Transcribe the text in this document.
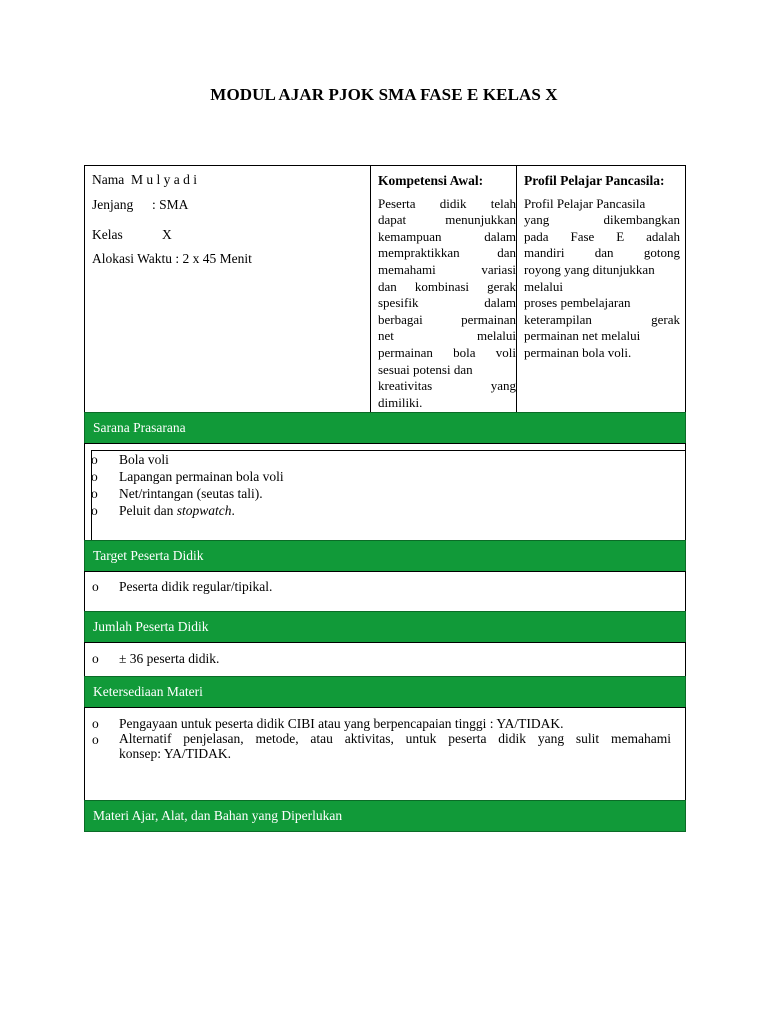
MODUL AJAR PJOK SMA FASE E KELAS X
Nama M u l y a d i
Jenjang : SMA
Kelas	X
Alokasi Waktu : 2 x 45 Menit
Kompetensi Awal:
Peserta didik telah
dapat menunjukkan
kemampuan dalam
mempraktikkan dan
memahami variasi
dan kombinasi gerak
spesifik dalam
berbagai permainan
net melalui
permainan bola voli
sesuai potensi dan
kreativitas yang
dimiliki.
Profil Pelajar Pancasila:
Profil Pelajar Pancasila
yang dikembangkan
pada Fase E adalah
mandiri dan gotong
royong yang ditunjukkan
melalui
proses pembelajaran
keterampilan gerak
permainan net melalui
permainan bola voli.
Sarana Prasarana
o Bola voli
o Lapangan permainan bola voli
o Net/rintangan (seutas tali).
o Peluit dan stopwatch.
Target Peserta Didik
o Peserta didik regular/tipikal.
Jumlah Peserta Didik
o ± 36 peserta didik.
Ketersediaan Materi
o Pengayaan untuk peserta didik CIBI atau yang berpencapaian tinggi : YA/TIDAK.
o Alternatif penjelasan, metode, atau aktivitas, untuk peserta didik yang sulit memahami
konsep: YA/TIDAK.
Materi Ajar, Alat, dan Bahan yang Diperlukan
